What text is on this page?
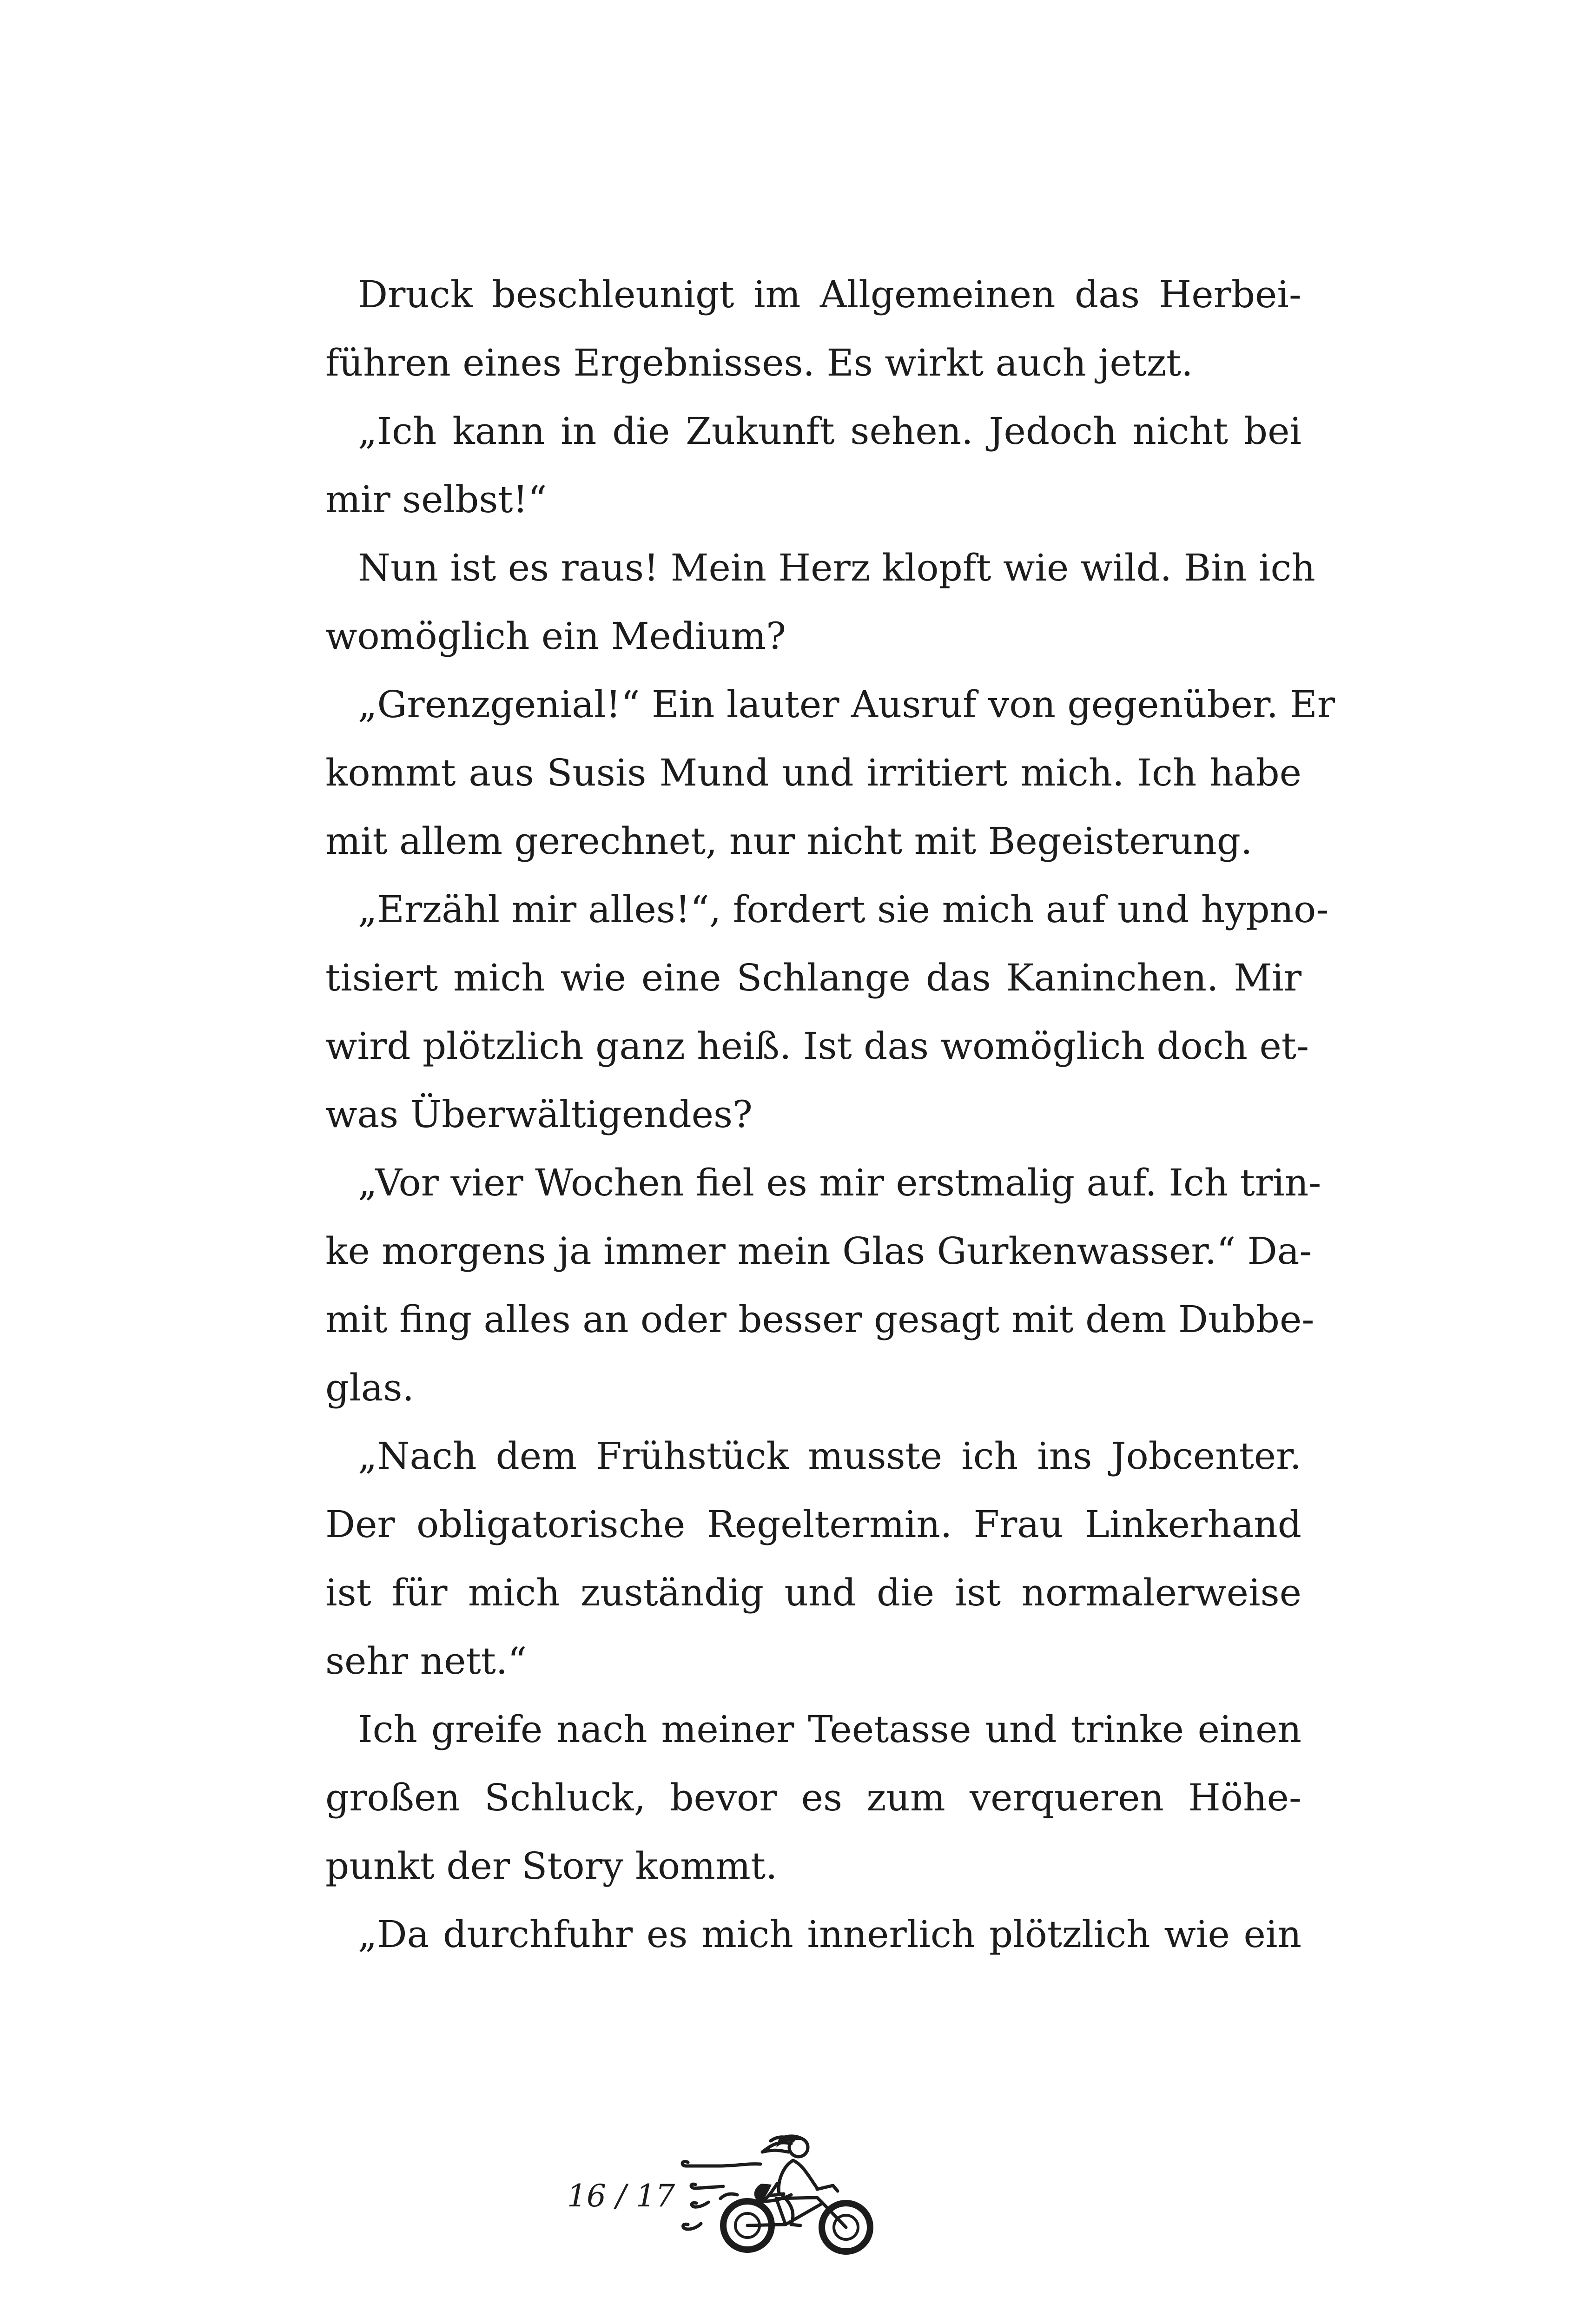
Druck beschleunigt im Allgemeinen das Herbei-
führen eines Ergebnisses. Es wirkt auch jetzt.
„Ich kann in die Zukunft sehen. Jedoch nicht bei
mir selbst!“
Nun ist es raus! Mein Herz klopft wie wild. Bin ich
womöglich ein Medium?
„Grenzgenial!“ Ein lauter Ausruf von gegenüber. Er
kommt aus Susis Mund und irritiert mich. Ich habe
mit allem gerechnet, nur nicht mit Begeisterung.
„Erzähl mir alles!“, fordert sie mich auf und hypno-
tisiert mich wie eine Schlange das Kaninchen. Mir
wird plötzlich ganz heiß. Ist das womöglich doch et-
was Überwältigendes?
„Vor vier Wochen fiel es mir erstmalig auf. Ich trin-
ke morgens ja immer mein Glas Gurkenwasser.“ Da-
mit fing alles an oder besser gesagt mit dem Dubbe-
glas.
„Nach dem Frühstück musste ich ins Jobcenter.
Der obligatorische Regeltermin. Frau Linkerhand
ist für mich zuständig und die ist normalerweise
sehr nett.“
Ich greife nach meiner Teetasse und trinke einen
großen Schluck, bevor es zum verqueren Höhe-
punkt der Story kommt.
„Da durchfuhr es mich innerlich plötzlich wie ein
16 / 17
